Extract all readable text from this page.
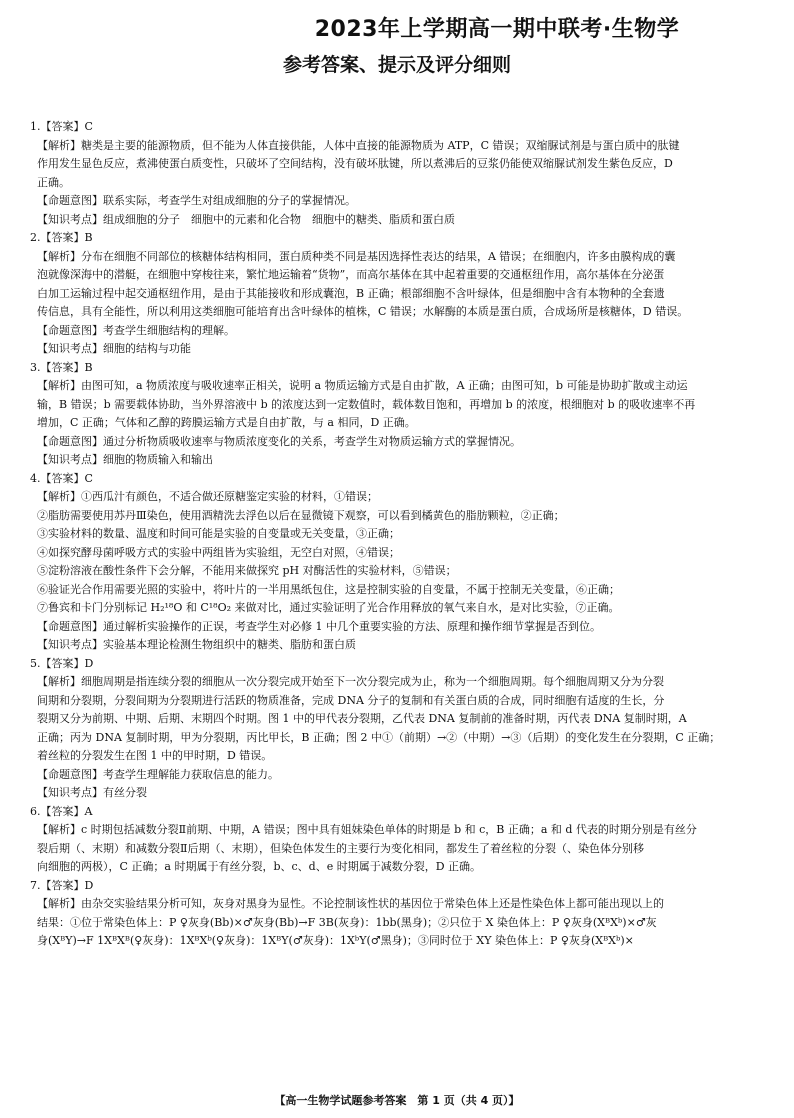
2023年上学期高一期中联考·生物学
参考答案、提示及评分细则
1.【答案】C
【解析】糖类是主要的能源物质，但不能为人体直接供能，人体中直接的能源物质为 ATP，C 错误；双缩脲试剂是与蛋白质中的肽键
作用发生显色反应，煮沸使蛋白质变性，只破坏了空间结构，没有破坏肽键，所以煮沸后的豆浆仍能使双缩脲试剂发生紫色反应，D
正确。
【命题意图】联系实际，考查学生对组成细胞的分子的掌握情况。
【知识考点】组成细胞的分子　细胞中的元素和化合物　细胞中的糖类、脂质和蛋白质
2.【答案】B
【解析】分布在细胞不同部位的核糖体结构相同，蛋白质种类不同是基因选择性表达的结果，A 错误；在细胞内，许多由膜构成的囊
泡就像深海中的潜艇，在细胞中穿梭往来，繁忙地运输着“货物”，而高尔基体在其中起着重要的交通枢纽作用，高尔基体在分泌蛋
白加工运输过程中起交通枢纽作用，是由于其能接收和形成囊泡，B 正确；根部细胞不含叶绿体，但是细胞中含有本物种的全套遗
传信息，具有全能性，所以利用这类细胞可能培育出含叶绿体的植株，C 错误；水解酶的本质是蛋白质，合成场所是核糖体，D 错误。
【命题意图】考查学生细胞结构的理解。
【知识考点】细胞的结构与功能
3.【答案】B
【解析】由图可知，a 物质浓度与吸收速率正相关，说明 a 物质运输方式是自由扩散，A 正确；由图可知，b 可能是协助扩散或主动运
输，B 错误；b 需要载体协助，当外界溶液中 b 的浓度达到一定数值时，载体数目饱和，再增加 b 的浓度，根细胞对 b 的吸收速率不再
增加，C 正确；气体和乙醇的跨膜运输方式是自由扩散，与 a 相同，D 正确。
【命题意图】通过分析物质吸收速率与物质浓度变化的关系，考查学生对物质运输方式的掌握情况。
【知识考点】细胞的物质输入和输出
4.【答案】C
【解析】①西瓜汁有颜色，不适合做还原糖鉴定实验的材料，①错误；
②脂肪需要使用苏丹Ⅲ染色，使用酒精洗去浮色以后在显微镜下观察，可以看到橘黄色的脂肪颗粒，②正确；
③实验材料的数量、温度和时间可能是实验的自变量或无关变量，③正确；
④如探究酵母菌呼吸方式的实验中两组皆为实验组，无空白对照，④错误；
⑤淀粉溶液在酸性条件下会分解，不能用来做探究 pH 对酶活性的实验材料，⑤错误；
⑥验证光合作用需要光照的实验中，将叶片的一半用黑纸包住，这是控制实验的自变量，不属于控制无关变量，⑥正确；
⑦鲁宾和卡门分别标记 H₂¹⁸O 和 C¹⁸O₂ 来做对比，通过实验证明了光合作用释放的氧气来自水，是对比实验，⑦正确。
【命题意图】通过解析实验操作的正误，考查学生对必修 1 中几个重要实验的方法、原理和操作细节掌握是否到位。
【知识考点】实验基本理论检测生物组织中的糖类、脂肪和蛋白质
5.【答案】D
【解析】细胞周期是指连续分裂的细胞从一次分裂完成开始至下一次分裂完成为止，称为一个细胞周期。每个细胞周期又分为分裂
间期和分裂期，分裂间期为分裂期进行活跃的物质准备，完成 DNA 分子的复制和有关蛋白质的合成，同时细胞有适度的生长，分
裂期又分为前期、中期、后期、末期四个时期。图 1 中的甲代表分裂期，乙代表 DNA 复制前的准备时期，丙代表 DNA 复制时期，A
正确；丙为 DNA 复制时期，甲为分裂期，丙比甲长，B 正确；图 2 中①（前期）→②（中期）→③（后期）的变化发生在分裂期，C 正确；
着丝粒的分裂发生在图 1 中的甲时期，D 错误。
【命题意图】考查学生理解能力获取信息的能力。
【知识考点】有丝分裂
6.【答案】A
【解析】c 时期包括减数分裂Ⅱ前期、中期，A 错误；图中具有姐妹染色单体的时期是 b 和 c，B 正确；a 和 d 代表的时期分别是有丝分
裂后期（、末期）和减数分裂Ⅱ后期（、末期），但染色体发生的主要行为变化相同，都发生了着丝粒的分裂（、染色体分别移
向细胞的两极），C 正确；a 时期属于有丝分裂，b、c、d、e 时期属于减数分裂，D 正确。
7.【答案】D
【解析】由杂交实验结果分析可知，灰身对黑身为显性。不论控制该性状的基因位于常染色体上还是性染色体上都可能出现以上的
结果：①位于常染色体上：P ♀灰身(Bb)×♂灰身(Bb)→F 3B(灰身)：1bb(黑身)；②只位于 X 染色体上：P ♀灰身(XᴮXᵇ)×♂灰
身(XᴮY)→F 1XᴮXᴮ(♀灰身)：1XᴮXᵇ(♀灰身)：1XᴮY(♂灰身)：1XᵇY(♂黑身)；③同时位于 XY 染色体上：P ♀灰身(XᴮXᵇ)×
【高一生物学试题参考答案　第 1 页（共 4 页）】
